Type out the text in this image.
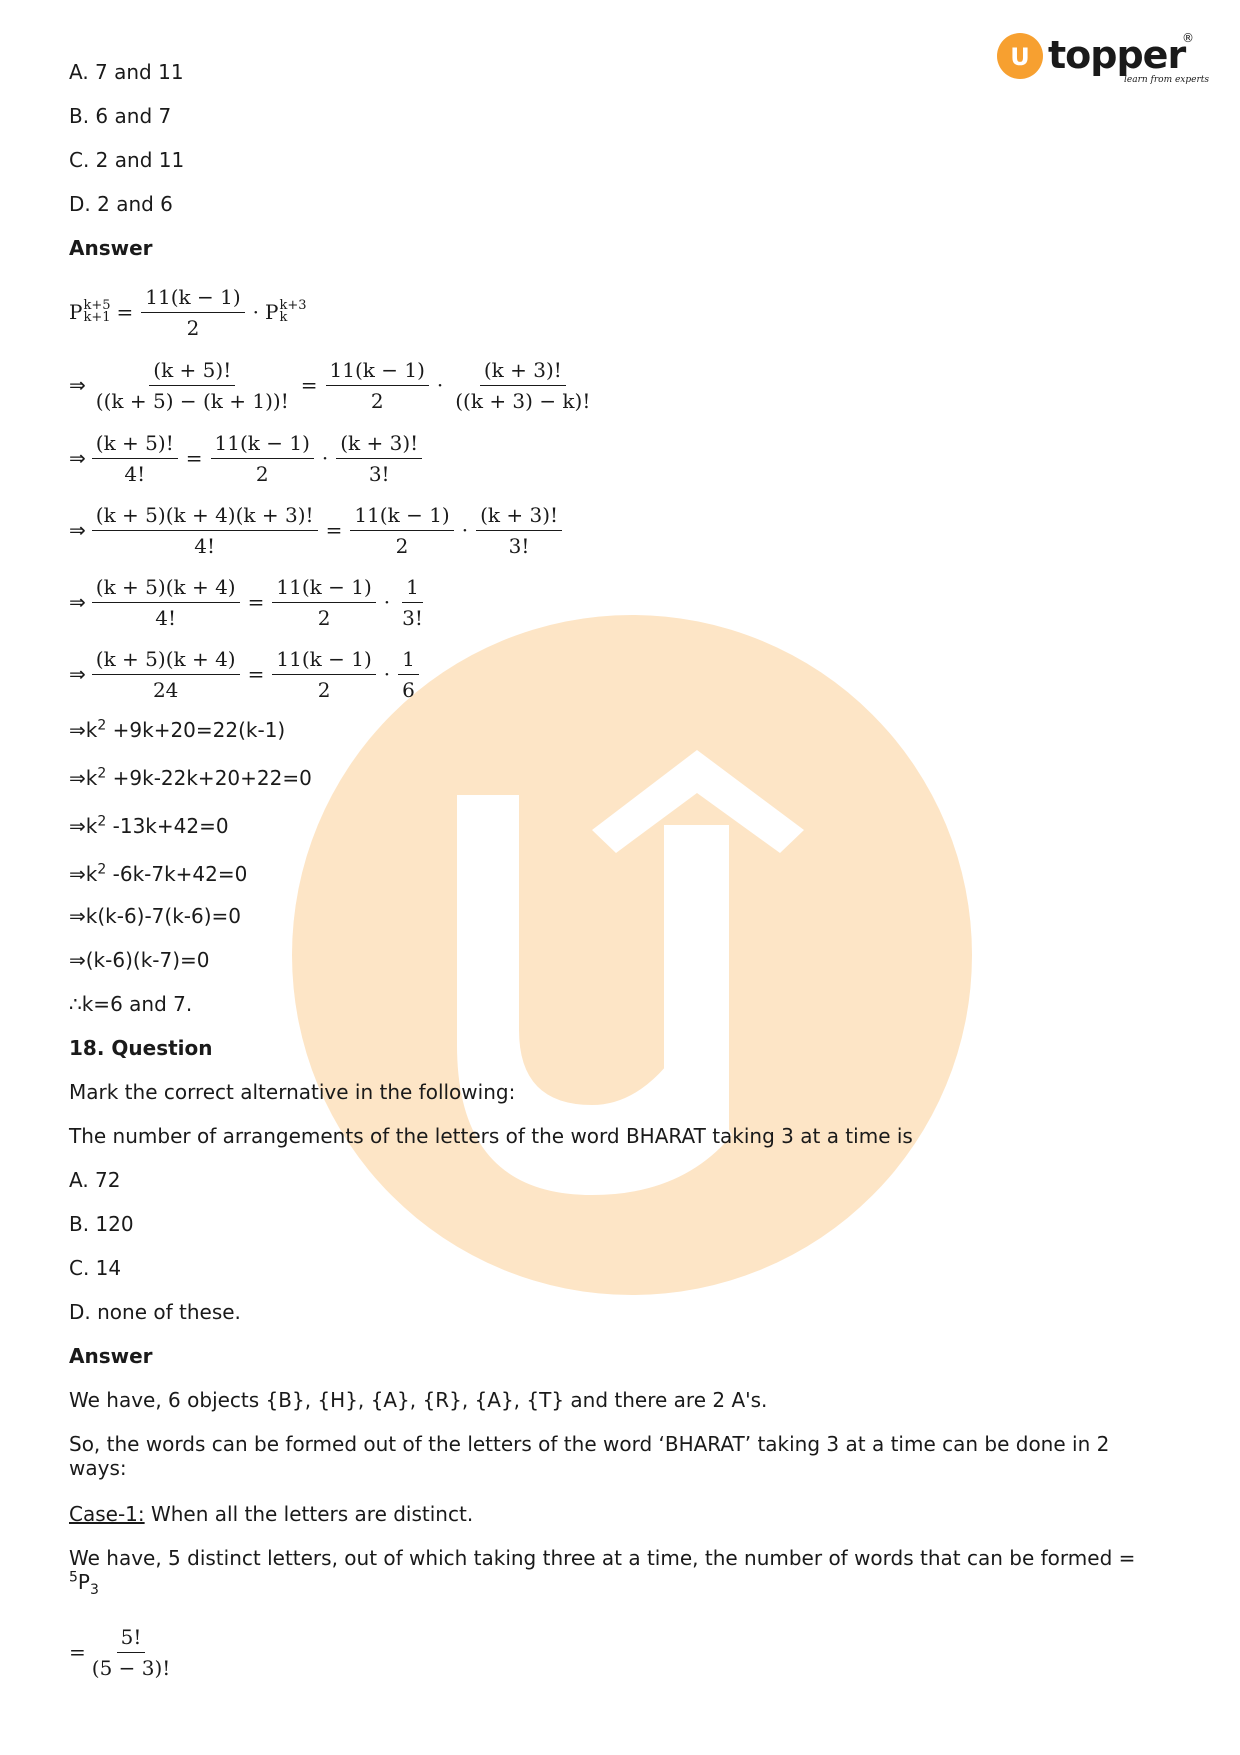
U topper
®
learn from experts
A. 7 and 11
B. 6 and 7
C. 2 and 11
D. 2 and 6
Answer
P k+5
$k+1 = \frac{11(k - 1)}{2} \cdot P$ k+3
k
⇒ $\frac{(k + 5)!}{((k + 5) - (k + 1))!} = \frac{11(k - 1)}{2}$ ·
(k + 3)!
((k + 3) − k)!
⇒ $\frac{(k + 5)!}{4!} = \frac{11(k - 1)}{2}$ ·
(k + 3)!
3!
⇒ $\frac{(k + 5)(k + 4)(k + 3)!}{4!} = \frac{11(k - 1)}{2}$ ·
(k + 3)!
3!
⇒ $\frac{(k + 5)(k + 4)}{4!} = \frac{11(k - 1)}{2}$ ·
1
3!
⇒ $\frac{(k + 5)(k + 4)}{24} = \frac{11(k - 1)}{2}$ ·
1
6
$\Rightarrow k^2 +9k+20=22(k-1)$
$\Rightarrow k^2 +9k-22k+20+22=0$
$\Rightarrow k^2$ -13k+42=0
$\Rightarrow k^2$ -6k-7k+42=0
⇒k(k-6)-7(k-6)=0
⇒(k-6)(k-7)=0
∴k=6 and 7.
18. Question
Mark the correct alternative in the following:
The number of arrangements of the letters of the word BHARAT taking 3 at a time is
A. 72
B. 120
C. 14
D. none of these.
Answer
We have, 6 objects {B}, {H}, {A}, {R}, {A}, {T} and there are 2 A's.
So, the words can be formed out of the letters of the word ‘BHARAT’ taking 3 at a time can be done in 2 ways:
Case-1: When all the letters are distinct.
We have, 5 distinct letters, out of which taking three at a time, the number of words that can be formed =
$^5P_3$
= $\frac{5!}{(5 - 3)!}$
